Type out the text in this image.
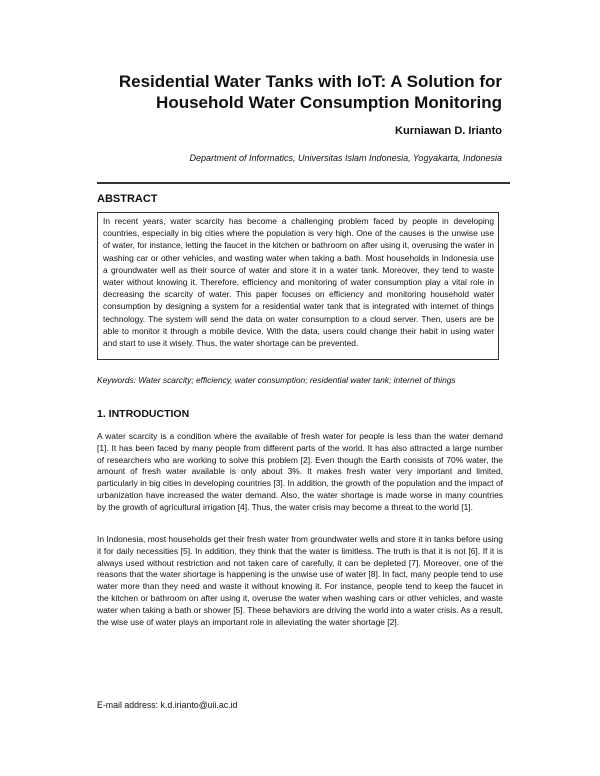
Residential Water Tanks with IoT: A Solution for Household Water Consumption Monitoring
Kurniawan D. Irianto
Department of Informatics, Universitas Islam Indonesia, Yogyakarta, Indonesia
ABSTRACT
In recent years, water scarcity has become a challenging problem faced by people in developing countries, especially in big cities where the population is very high. One of the causes is the unwise use of water, for instance, letting the faucet in the kitchen or bathroom on after using it, overusing the water in washing car or other vehicles, and wasting water when taking a bath. Most households in Indonesia use a groundwater well as their source of water and store it in a water tank. Moreover, they tend to waste water without knowing it. Therefore, efficiency and monitoring of water consumption play a vital role in decreasing the scarcity of water. This paper focuses on efficiency and monitoring household water consumption by designing a system for a residential water tank that is integrated with internet of things technology. The system will send the data on water consumption to a cloud server. Then, users are be able to monitor it through a mobile device. With the data, users could change their habit in using water and start to use it wisely. Thus, the water shortage can be prevented.
Keywords: Water scarcity; efficiency, water consumption; residential water tank; internet of things
1. INTRODUCTION
A water scarcity is a condition where the available of fresh water for people is less than the water demand [1]. It has been faced by many people from different parts of the world. It has also attracted a large number of researchers who are working to solve this problem [2]. Even though the Earth consists of 70% water, the amount of fresh water available is only about 3%. It makes fresh water very important and limited, particularly in big cities in developing countries [3]. In addition, the growth of the population and the impact of urbanization have increased the water demand. Also, the water shortage is made worse in many countries by the growth of agricultural irrigation [4]. Thus, the water crisis may become a threat to the world [1].
In Indonesia, most households get their fresh water from groundwater wells and store it in tanks before using it for daily necessities [5]. In addition, they think that the water is limitless. The truth is that it is not [6]. If it is always used without restriction and not taken care of carefully, it can be depleted [7]. Moreover, one of the reasons that the water shortage is happening is the unwise use of water [8]. In fact, many people tend to use water more than they need and waste it without knowing it. For instance, people tend to keep the faucet in the kitchen or bathroom on after using it, overuse the water when washing cars or other vehicles, and waste water when taking a bath or shower [5]. These behaviors are driving the world into a water crisis. As a result, the wise use of water plays an important role in alleviating the water shortage [2].
E-mail address: k.d.irianto@uii.ac.id
